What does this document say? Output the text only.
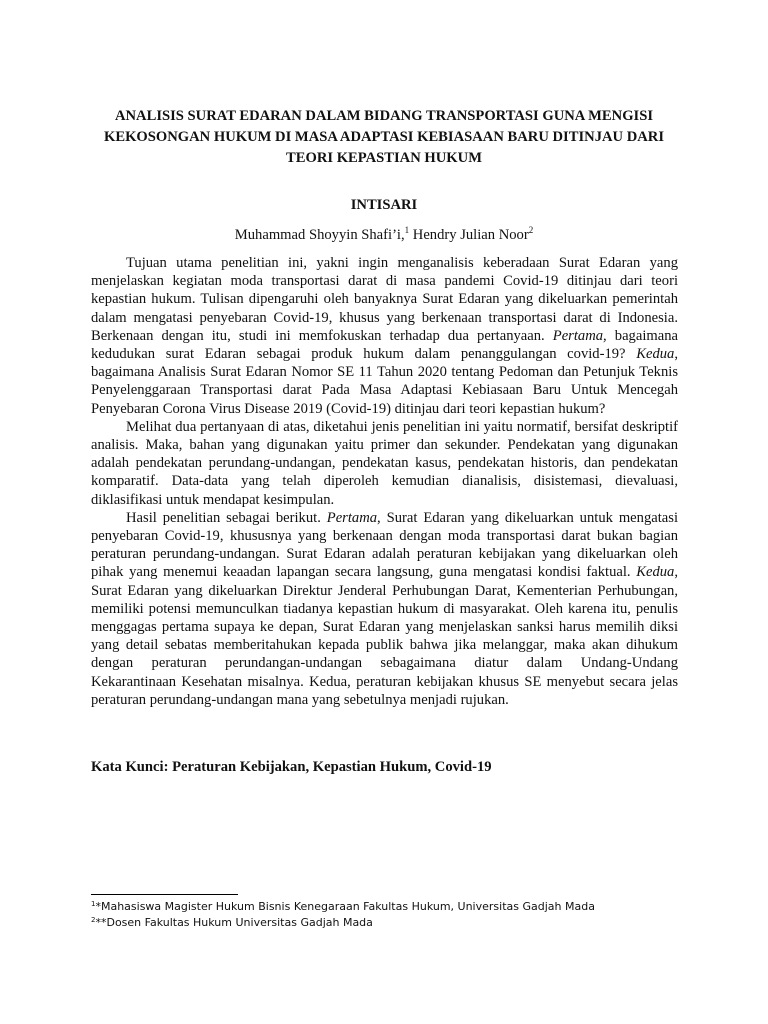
ANALISIS SURAT EDARAN DALAM BIDANG TRANSPORTASI GUNA MENGISI
KEKOSONGAN HUKUM DI MASA ADAPTASI KEBIASAAN BARU DITINJAU DARI
TEORI KEPASTIAN HUKUM
INTISARI
Muhammad Shoyyin Shafi’i,$^1$ Hendry Julian Noor$^2$

Tujuan utama penelitian ini, yakni ingin menganalisis keberadaan Surat Edaran yang menjelaskan kegiatan moda transportasi darat di masa pandemi Covid-19 ditinjau dari teori kepastian hukum. Tulisan dipengaruhi oleh banyaknya Surat Edaran yang dikeluarkan pemerintah dalam mengatasi penyebaran Covid-19, khusus yang berkenaan transportasi darat di Indonesia. Berkenaan dengan itu, studi ini memfokuskan terhadap dua pertanyaan. Pertama, bagaimana kedudukan surat Edaran sebagai produk hukum dalam penanggulangan covid-19? Kedua, bagaimana Analisis Surat Edaran Nomor SE 11 Tahun 2020 tentang Pedoman dan Petunjuk Teknis Penyelenggaraan Transportasi darat Pada Masa Adaptasi Kebiasaan Baru Untuk Mencegah Penyebaran Corona Virus Disease 2019 (Covid-19) ditinjau dari teori kepastian hukum?

Melihat dua pertanyaan di atas, diketahui jenis penelitian ini yaitu normatif, bersifat deskriptif analisis. Maka, bahan yang digunakan yaitu primer dan sekunder. Pendekatan yang digunakan adalah pendekatan perundang-undangan, pendekatan kasus, pendekatan historis, dan pendekatan komparatif. Data-data yang telah diperoleh kemudian dianalisis, disistemasi, dievaluasi, diklasifikasi untuk mendapat kesimpulan.

Hasil penelitian sebagai berikut. Pertama, Surat Edaran yang dikeluarkan untuk mengatasi penyebaran Covid-19, khususnya yang berkenaan dengan moda transportasi darat bukan bagian peraturan perundang-undangan. Surat Edaran adalah peraturan kebijakan yang dikeluarkan oleh pihak yang menemui keaadan lapangan secara langsung, guna mengatasi kondisi faktual. Kedua, Surat Edaran yang dikeluarkan Direktur Jenderal Perhubungan Darat, Kementerian Perhubungan, memiliki potensi memunculkan tiadanya kepastian hukum di masyarakat. Oleh karena itu, penulis menggagas pertama supaya ke depan, Surat Edaran yang menjelaskan sanksi harus memilih diksi yang detail sebatas memberitahukan kepada publik bahwa jika melanggar, maka akan dihukum dengan peraturan perundangan-undangan sebagaimana diatur dalam Undang-Undang Kekarantinaan Kesehatan misalnya. Kedua, peraturan kebijakan khusus SE menyebut secara jelas peraturan perundang-undangan mana yang sebetulnya menjadi rujukan.

Kata Kunci: Peraturan Kebijakan, Kepastian Hukum, Covid-19
$^1$*Mahasiswa Magister Hukum Bisnis Kenegaraan Fakultas Hukum, Universitas Gadjah Mada
$^2$**Dosen Fakultas Hukum Universitas Gadjah Mada
